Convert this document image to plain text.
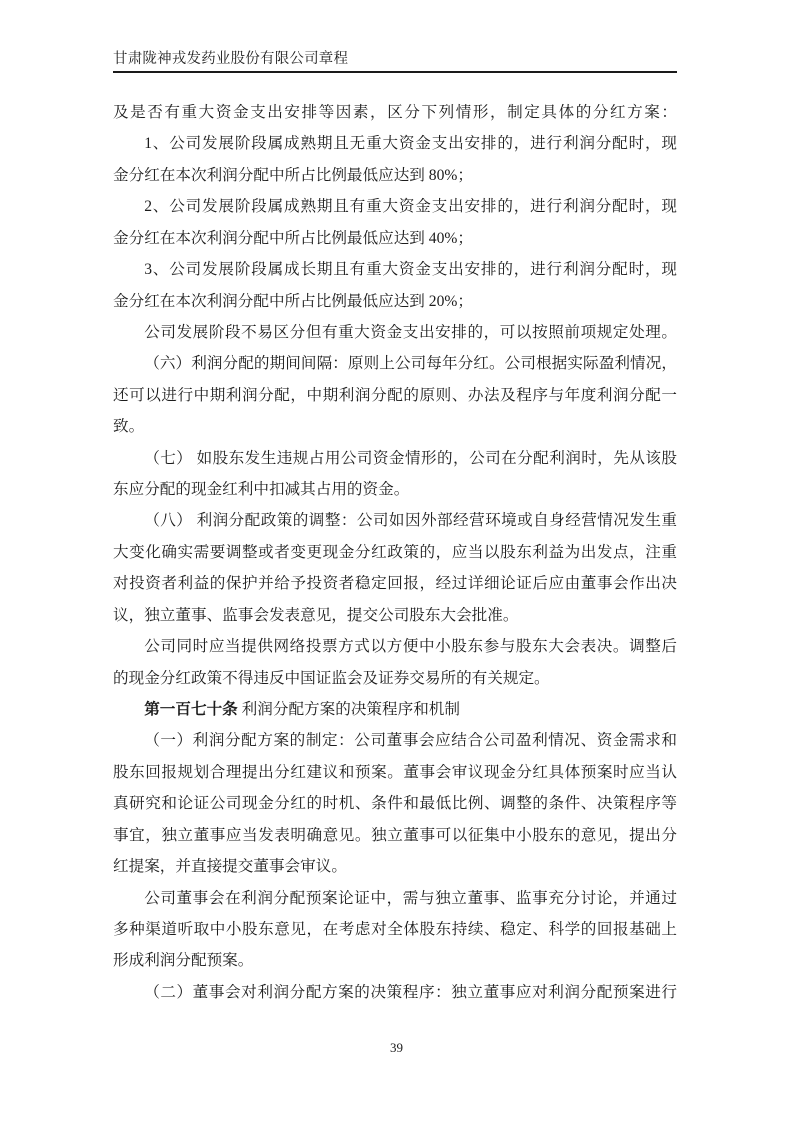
甘肃陇神戎发药业股份有限公司章程
及是否有重大资金支出安排等因素，区分下列情形，制定具体的分红方案：
1、公司发展阶段属成熟期且无重大资金支出安排的，进行利润分配时，现
金分红在本次利润分配中所占比例最低应达到 80%；
2、公司发展阶段属成熟期且有重大资金支出安排的，进行利润分配时，现
金分红在本次利润分配中所占比例最低应达到 40%；
3、公司发展阶段属成长期且有重大资金支出安排的，进行利润分配时，现
金分红在本次利润分配中所占比例最低应达到 20%；
公司发展阶段不易区分但有重大资金支出安排的，可以按照前项规定处理。
（六）利润分配的期间间隔：原则上公司每年分红。公司根据实际盈利情况，
还可以进行中期利润分配，中期利润分配的原则、办法及程序与年度利润分配一
致。
（七） 如股东发生违规占用公司资金情形的，公司在分配利润时，先从该股
东应分配的现金红利中扣减其占用的资金。
（八） 利润分配政策的调整：公司如因外部经营环境或自身经营情况发生重
大变化确实需要调整或者变更现金分红政策的，应当以股东利益为出发点，注重
对投资者利益的保护并给予投资者稳定回报，经过详细论证后应由董事会作出决
议，独立董事、监事会发表意见，提交公司股东大会批准。
公司同时应当提供网络投票方式以方便中小股东参与股东大会表决。调整后
的现金分红政策不得违反中国证监会及证券交易所的有关规定。
第一百七十条 利润分配方案的决策程序和机制
（一）利润分配方案的制定：公司董事会应结合公司盈利情况、资金需求和
股东回报规划合理提出分红建议和预案。董事会审议现金分红具体预案时应当认
真研究和论证公司现金分红的时机、条件和最低比例、调整的条件、决策程序等
事宜，独立董事应当发表明确意见。独立董事可以征集中小股东的意见，提出分
红提案，并直接提交董事会审议。
公司董事会在利润分配预案论证中，需与独立董事、监事充分讨论，并通过
多种渠道听取中小股东意见，在考虑对全体股东持续、稳定、科学的回报基础上
形成利润分配预案。
（二）董事会对利润分配方案的决策程序：独立董事应对利润分配预案进行
39
